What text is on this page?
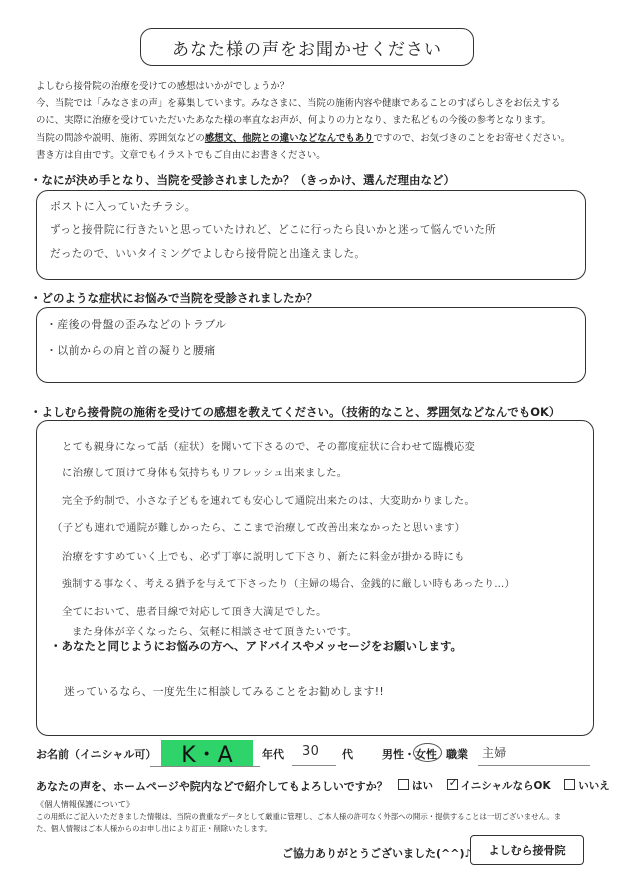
あなた様の声をお聞かせください
よしむら接骨院の治療を受けての感想はいかがでしょうか？
今、当院では「みなさまの声」を募集しています。みなさまに、当院の施術内容や健康であることのすばらしさをお伝えする
のに、実際に治療を受けていただいたあなた様の率直なお声が、何よりの力となり、また私どもの今後の参考となります。
当院の問診や説明、施術、雰囲気などの感想文、他院との違いなどなんでもありですので、お気づきのことをお寄せください。
書き方は自由です。文章でもイラストでもご自由にお書きください。
・なにが決め手となり、当院を受診されましたか？（きっかけ、選んだ理由など）
ポストに入っていたチラシ。
ずっと接骨院に行きたいと思っていたけれど、どこに行ったら良いかと迷って悩んでいた所
だったので、いいタイミングでよしむら接骨院と出逢えました。
・どのような症状にお悩みで当院を受診されましたか？
・産後の骨盤の歪みなどのトラブル
・以前からの肩と首の凝りと腰痛
・よしむら接骨院の施術を受けての感想を教えてください。（技術的なこと、雰囲気などなんでもOK）
とても親身になって話（症状）を聞いて下さるので、その都度症状に合わせて臨機応変
に治療して頂けて身体も気持ちもリフレッシュ出来ました。
完全予約制で、小さな子どもを連れても安心して通院出来たのは、大変助かりました。
（子ども連れで通院が難しかったら、ここまで治療して改善出来なかったと思います）
治療をすすめていく上でも、必ず丁寧に説明して下さり、新たに料金が掛かる時にも
強制する事なく、考える猶予を与えて下さったり（主婦の場合、金銭的に厳しい時もあったり…）
全てにおいて、患者目線で対応して頂き大満足でした。
また身体が辛くなったら、気軽に相談させて頂きたいです。
・あなたと同じようにお悩みの方へ、アドバイスやメッセージをお願いします。
迷っているなら、一度先生に相談してみることをお勧めします!!
お名前（イニシャル可）	K・A	年代 30 代	男性・女性 職業 主婦
あなたの声を、ホームページや院内などで紹介してもよろしいですか？	はい ✓ イニシャルならOK	いいえ
《個人情報保護について》
この用紙にご記入いただきました情報は、当院の貴重なデータとして厳重に管理し、ご本人様の許可なく外部への開示・提供することは一切ございません。ま
た、個人情報はご本人様からのお申し出により訂正・削除いたします。
ご協力ありがとうございました(^^)♪	よしむら接骨院
